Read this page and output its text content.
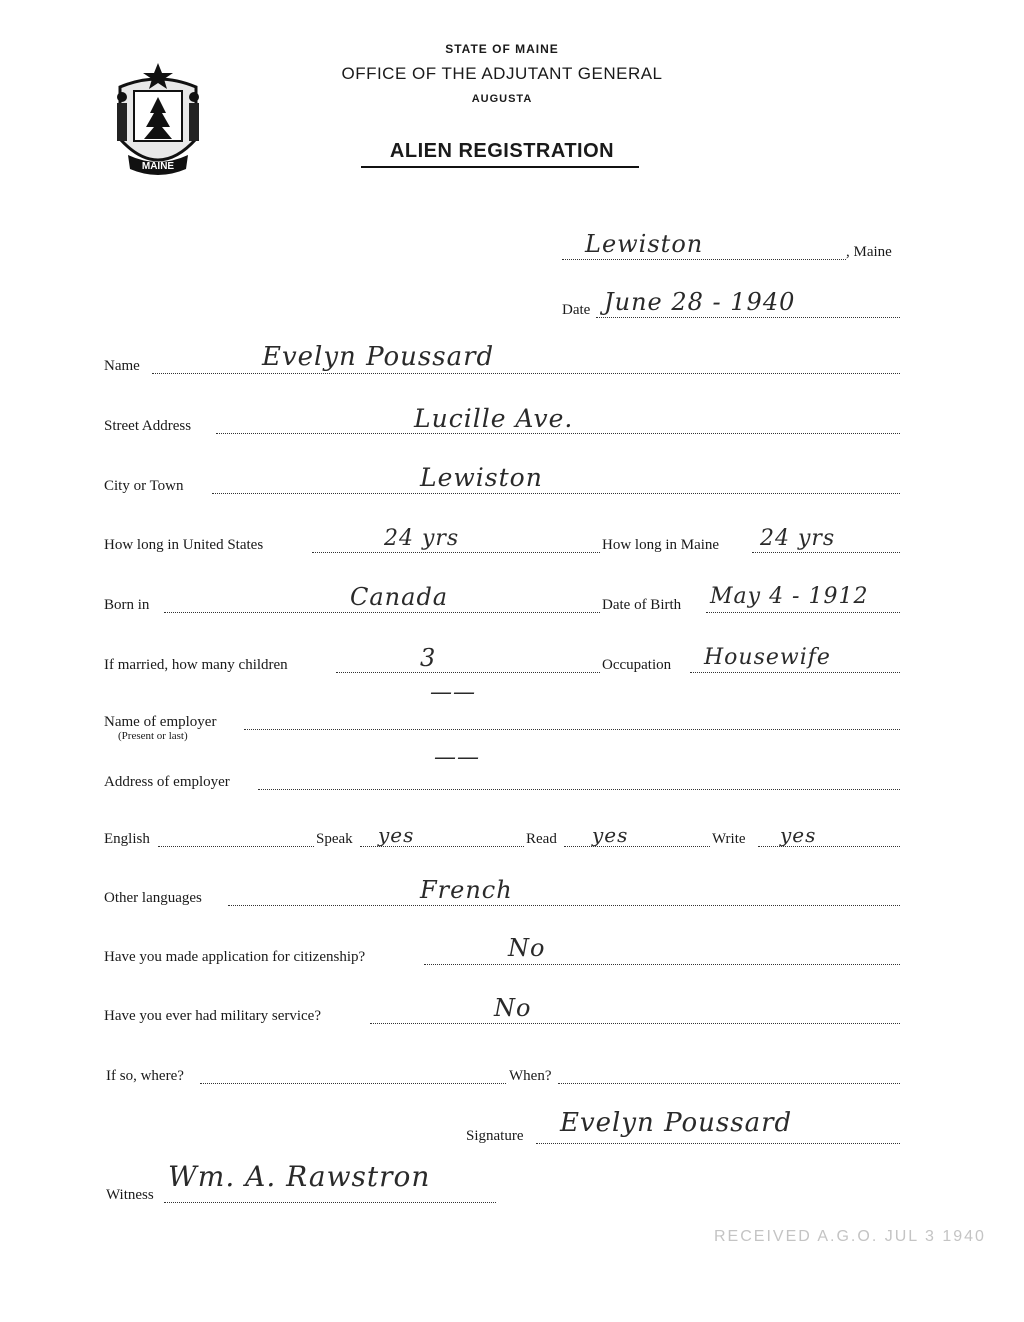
MAINE
STATE OF MAINE
OFFICE OF THE ADJUTANT GENERAL
AUGUSTA
ALIEN REGISTRATION
Lewiston	, Maine
Date June 28 - 1940
Name	Evelyn Poussard
Street Address	Lucille Ave.
City or Town	Lewiston
How long in United States	24 yrs	How long in Maine 24 yrs
Born in	Canada	Date of Birth May 4 - 1912
If married, how many children	3	Occupation Housewife
Name of employer
(Present or last)
——
Address of employer
——
English	Speak yes	Read yes	Write yes
Other languages	French
Have you made application for citizenship?	No
Have you ever had military service?	No
If so, where?	When?
Signature Evelyn Poussard
Witness
Wm. A. Rawstron
RECEIVED A.G.O. JUL 3 1940
